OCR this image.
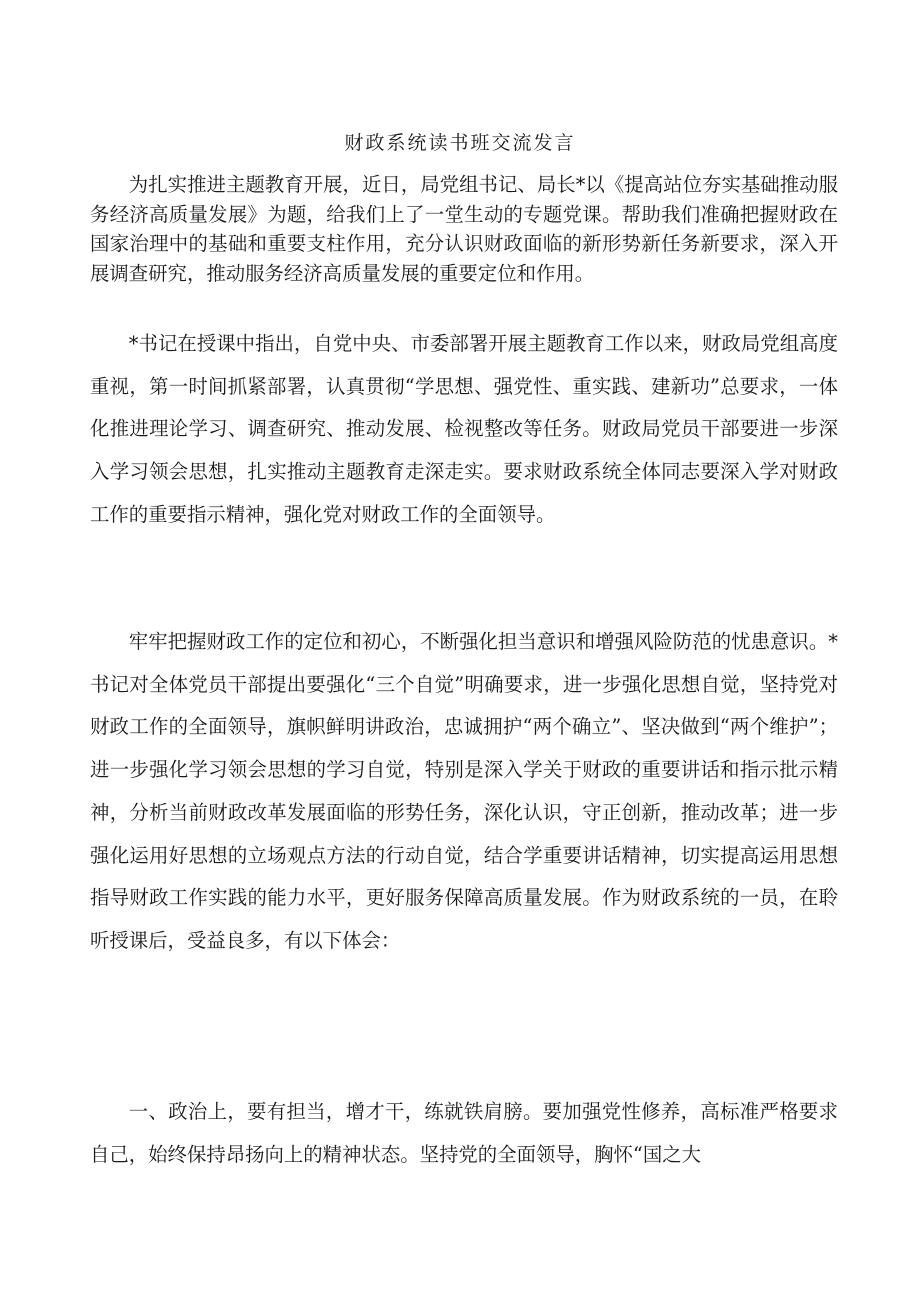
财政系统读书班交流发言

为扎实推进主题教育开展，近日，局党组书记、局长*以《提高站位夯实基础推动服务经济高质量发展》为题，给我们上了一堂生动的专题党课。帮助我们准确把握财政在国家治理中的基础和重要支柱作用，充分认识财政面临的新形势新任务新要求，深入开展调查研究，推动服务经济高质量发展的重要定位和作用。

*书记在授课中指出，自党中央、市委部署开展主题教育工作以来，财政局党组高度重视，第一时间抓紧部署，认真贯彻“学思想、强党性、重实践、建新功”总要求，一体化推进理论学习、调查研究、推动发展、检视整改等任务。财政局党员干部要进一步深入学习领会思想，扎实推动主题教育走深走实。要求财政系统全体同志要深入学对财政工作的重要指示精神，强化党对财政工作的全面领导。

牢牢把握财政工作的定位和初心，不断强化担当意识和增强风险防范的忧患意识。*书记对全体党员干部提出要强化“三个自觉”明确要求，进一步强化思想自觉，坚持党对财政工作的全面领导，旗帜鲜明讲政治，忠诚拥护“两个确立”、坚决做到“两个维护”；进一步强化学习领会思想的学习自觉，特别是深入学关于财政的重要讲话和指示批示精神，分析当前财政改革发展面临的形势任务，深化认识，守正创新，推动改革；进一步强化运用好思想的立场观点方法的行动自觉，结合学重要讲话精神，切实提高运用思想指导财政工作实践的能力水平，更好服务保障高质量发展。作为财政系统的一员，在聆听授课后，受益良多，有以下体会：

一、政治上，要有担当，增才干，练就铁肩膀。要加强党性修养，高标准严格要求自己，始终保持昂扬向上的精神状态。坚持党的全面领导，胸怀“国之大
